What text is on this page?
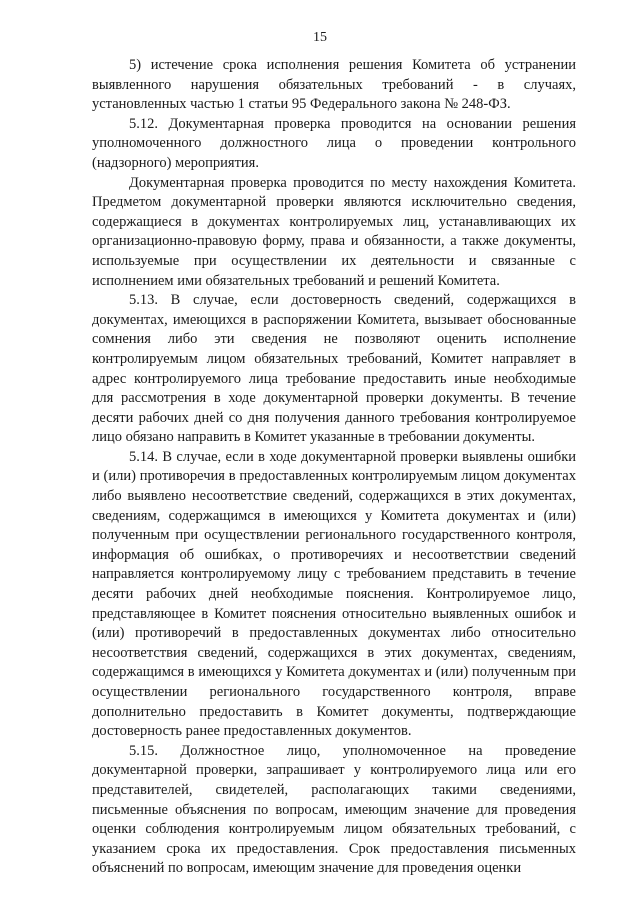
15

5) истечение срока исполнения решения Комитета об устранении выявленного нарушения обязательных требований - в случаях, установленных частью 1 статьи 95 Федерального закона № 248-ФЗ.

5.12. Документарная проверка проводится на основании решения уполномоченного должностного лица о проведении контрольного (надзорного) мероприятия.

Документарная проверка проводится по месту нахождения Комитета. Предметом документарной проверки являются исключительно сведения, содержащиеся в документах контролируемых лиц, устанавливающих их организационно-правовую форму, права и обязанности, а также документы, используемые при осуществлении их деятельности и связанные с исполнением ими обязательных требований и решений Комитета.

5.13. В случае, если достоверность сведений, содержащихся в документах, имеющихся в распоряжении Комитета, вызывает обоснованные сомнения либо эти сведения не позволяют оценить исполнение контролируемым лицом обязательных требований, Комитет направляет в адрес контролируемого лица требование предоставить иные необходимые для рассмотрения в ходе документарной проверки документы. В течение десяти рабочих дней со дня получения данного требования контролируемое лицо обязано направить в Комитет указанные в требовании документы.

5.14. В случае, если в ходе документарной проверки выявлены ошибки и (или) противоречия в предоставленных контролируемым лицом документах либо выявлено несоответствие сведений, содержащихся в этих документах, сведениям, содержащимся в имеющихся у Комитета документах и (или) полученным при осуществлении регионального государственного контроля, информация об ошибках, о противоречиях и несоответствии сведений направляется контролируемому лицу с требованием представить в течение десяти рабочих дней необходимые пояснения. Контролируемое лицо, представляющее в Комитет пояснения относительно выявленных ошибок и (или) противоречий в предоставленных документах либо относительно несоответствия сведений, содержащихся в этих документах, сведениям, содержащимся в имеющихся у Комитета документах и (или) полученным при осуществлении регионального государственного контроля, вправе дополнительно предоставить в Комитет документы, подтверждающие достоверность ранее предоставленных документов.

5.15. Должностное лицо, уполномоченное на проведение документарной проверки, запрашивает у контролируемого лица или его представителей, свидетелей, располагающих такими сведениями, письменные объяснения по вопросам, имеющим значение для проведения оценки соблюдения контролируемым лицом обязательных требований, с указанием срока их предоставления. Срок предоставления письменных объяснений по вопросам, имеющим значение для проведения оценки
